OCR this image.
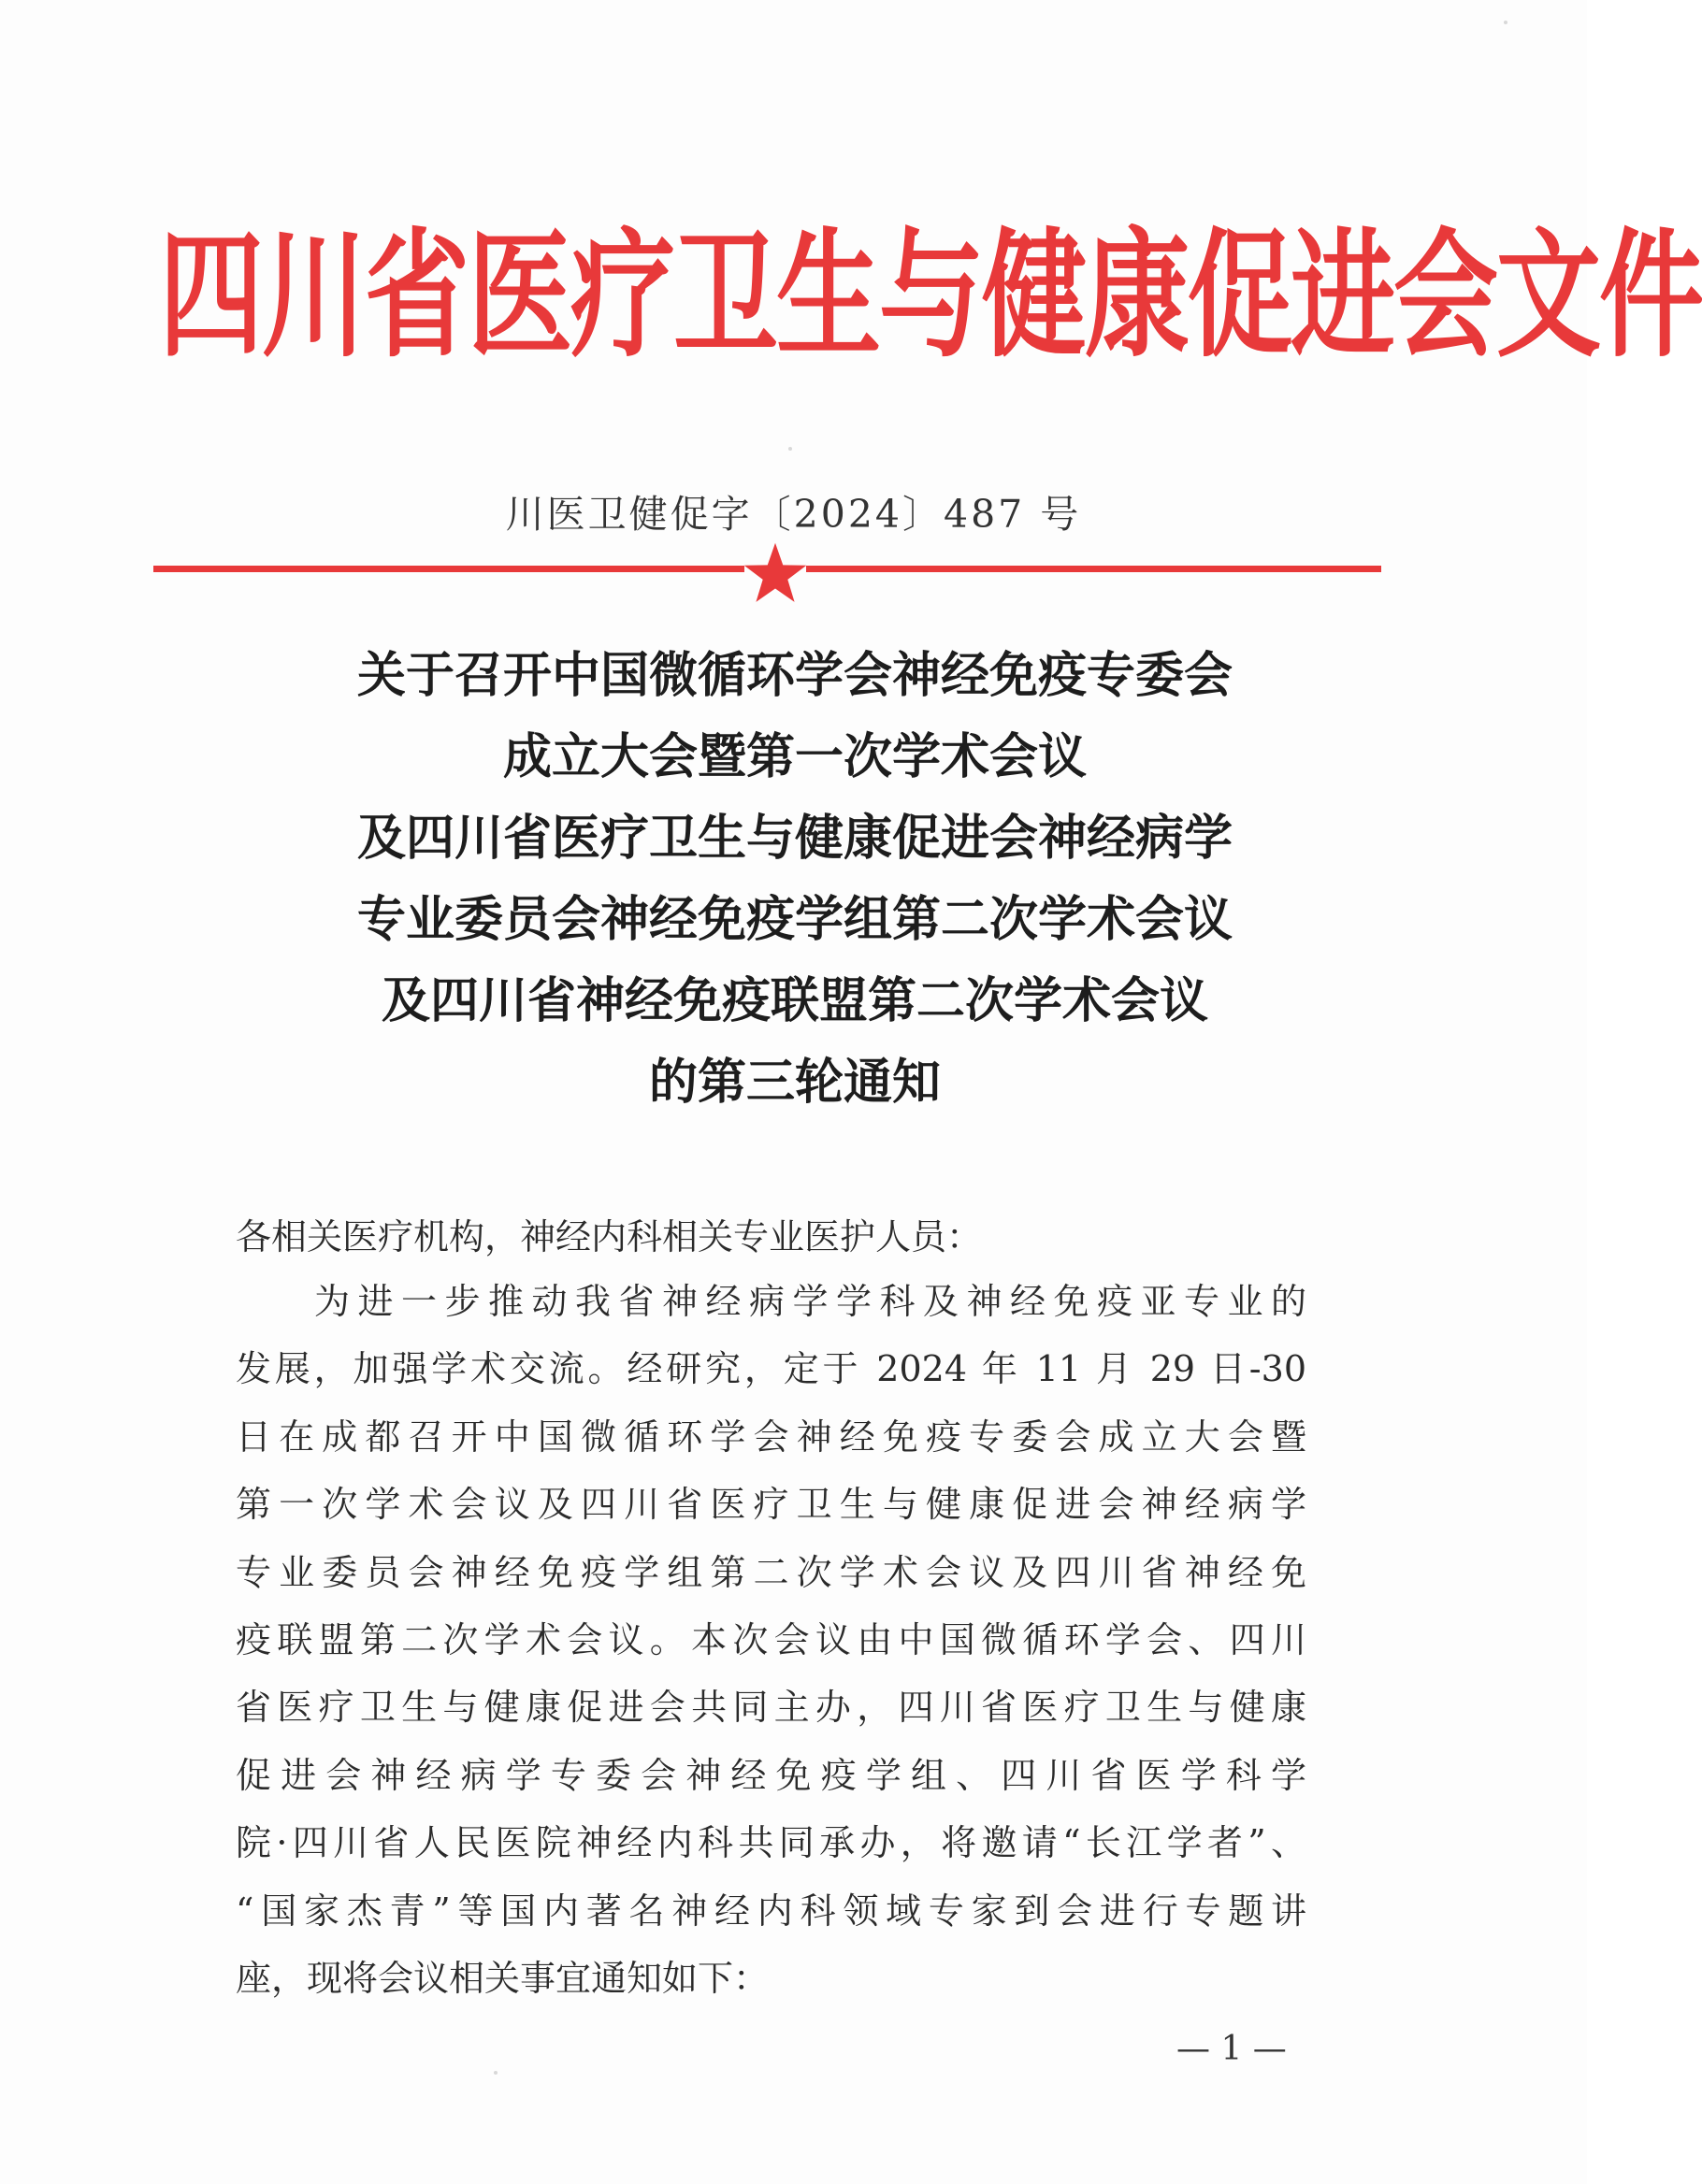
四 川 省 医 疗 卫 生 与 健 康 促 进 会 文 件
川医卫健促字〔2024〕487 号
关于召开中国微循环学会神经免疫专委会
成立大会暨第一次学术会议
及四川省医疗卫生与健康促进会神经病学
专业委员会神经免疫学组第二次学术会议
及四川省神经免疫联盟第二次学术会议
的第三轮通知
各相关医疗机构，神经内科相关专业医护人员：
为进一步推动我省神经病学学科及神经免疫亚专业的
发展，加强学术交流。经研究，定于 2024 年 11 月 29 日-30
日在成都召开中国微循环学会神经免疫专委会成立大会暨
第一次学术会议及四川省医疗卫生与健康促进会神经病学
专业委员会神经免疫学组第二次学术会议及四川省神经免
疫联盟第二次学术会议。本次会议由中国微循环学会、四川
省医疗卫生与健康促进会共同主办，四川省医疗卫生与健康
促进会神经病学专委会神经免疫学组、四川省医学科学
院·四川省人民医院神经内科共同承办，将邀请“长江学者”、
“国家杰青”等国内著名神经内科领域专家到会进行专题讲
座，现将会议相关事宜通知如下：
— 1 —
